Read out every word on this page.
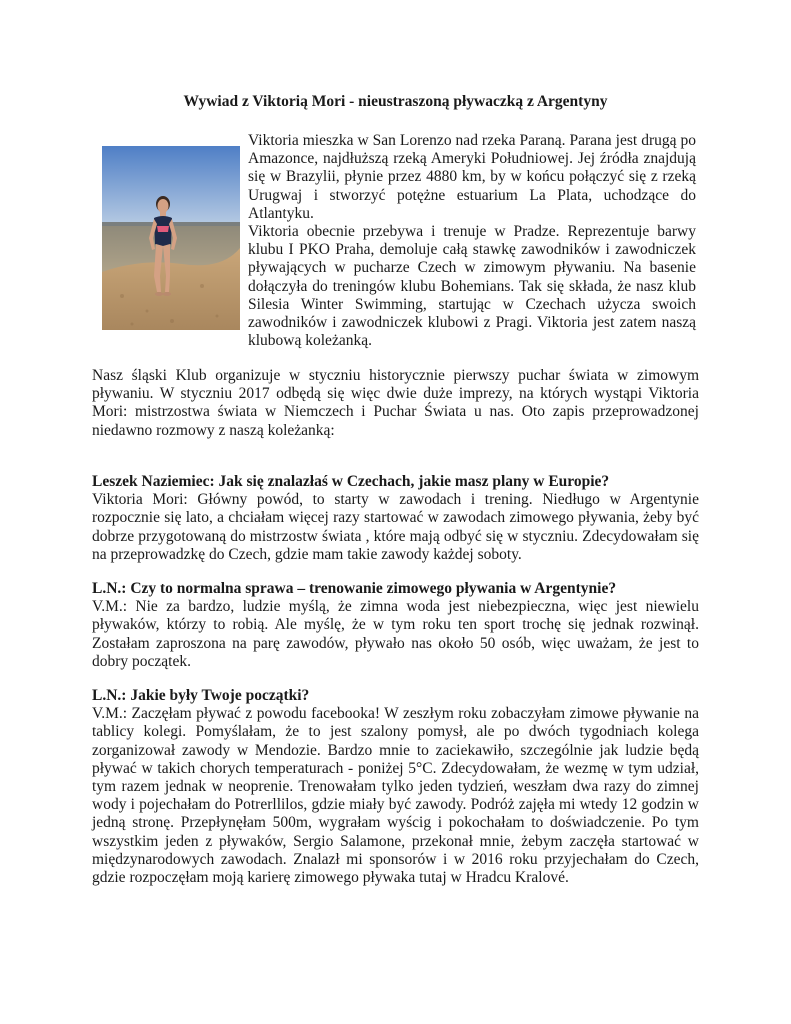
Wywiad z Viktorią Mori - nieustraszoną pływaczką z Argentyny

Viktoria mieszka w San Lorenzo nad rzeka Paraną. Parana jest drugą po Amazonce, najdłuższą rzeką Ameryki Południowej. Jej źródła znajdują się w Brazylii, płynie przez 4880 km, by w końcu połączyć się z rzeką Urugwaj i stworzyć potężne estuarium La Plata, uchodzące do Atlantyku.

Viktoria obecnie przebywa i trenuje w Pradze. Reprezentuje barwy klubu I PKO Praha, demoluje całą stawkę zawodników i zawodniczek pływających w pucharze Czech w zimowym pływaniu. Na basenie dołączyła do treningów klubu Bohemians. Tak się składa, że nasz klub Silesia Winter Swimming, startując w Czechach użycza swoich zawodników i zawodniczek klubowi z Pragi. Viktoria jest zatem naszą klubową koleżanką.

Nasz śląski Klub organizuje w styczniu historycznie pierwszy puchar świata w zimowym pływaniu. W styczniu 2017 odbędą się więc dwie duże imprezy, na których wystąpi Viktoria Mori: mistrzostwa świata w Niemczech i Puchar Świata u nas. Oto zapis przeprowadzonej niedawno rozmowy z naszą koleżanką:

Leszek Naziemiec: Jak się znalazłaś w Czechach, jakie masz plany w Europie?

Viktoria Mori: Główny powód, to starty w zawodach i trening. Niedługo w Argentynie rozpocznie się lato, a chciałam więcej razy startować w zawodach zimowego pływania, żeby być dobrze przygotowaną do mistrzostw świata , które mają odbyć się w styczniu. Zdecydowałam się na przeprowadzkę do Czech, gdzie mam takie zawody każdej soboty.

L.N.: Czy to normalna sprawa – trenowanie zimowego pływania w Argentynie?

V.M.: Nie za bardzo, ludzie myślą, że zimna woda jest niebezpieczna, więc jest niewielu pływaków, którzy to robią. Ale myślę, że w tym roku ten sport trochę się jednak rozwinął. Zostałam zaproszona na parę zawodów, pływało nas około 50 osób, więc uważam, że jest to dobry początek.

L.N.: Jakie były Twoje początki?

V.M.: Zaczęłam pływać z powodu facebooka! W zeszłym roku zobaczyłam zimowe pływanie na tablicy kolegi. Pomyślałam, że to jest szalony pomysł, ale po dwóch tygodniach kolega zorganizował zawody w Mendozie. Bardzo mnie to zaciekawiło, szczególnie jak ludzie będą pływać w takich chorych temperaturach - poniżej 5°C. Zdecydowałam, że wezmę w tym udział, tym razem jednak w neoprenie. Trenowałam tylko jeden tydzień, weszłam dwa razy do zimnej wody i pojechałam do Potrerllilos, gdzie miały być zawody. Podróż zajęła mi wtedy 12 godzin w jedną stronę. Przepłynęłam 500m, wygrałam wyścig i pokochałam to doświadczenie. Po tym wszystkim jeden z pływaków, Sergio Salamone, przekonał mnie, żebym zaczęła startować w międzynarodowych zawodach. Znalazł mi sponsorów i w 2016 roku przyjechałam do Czech, gdzie rozpoczęłam moją karierę zimowego pływaka tutaj w Hradcu Kralové.
